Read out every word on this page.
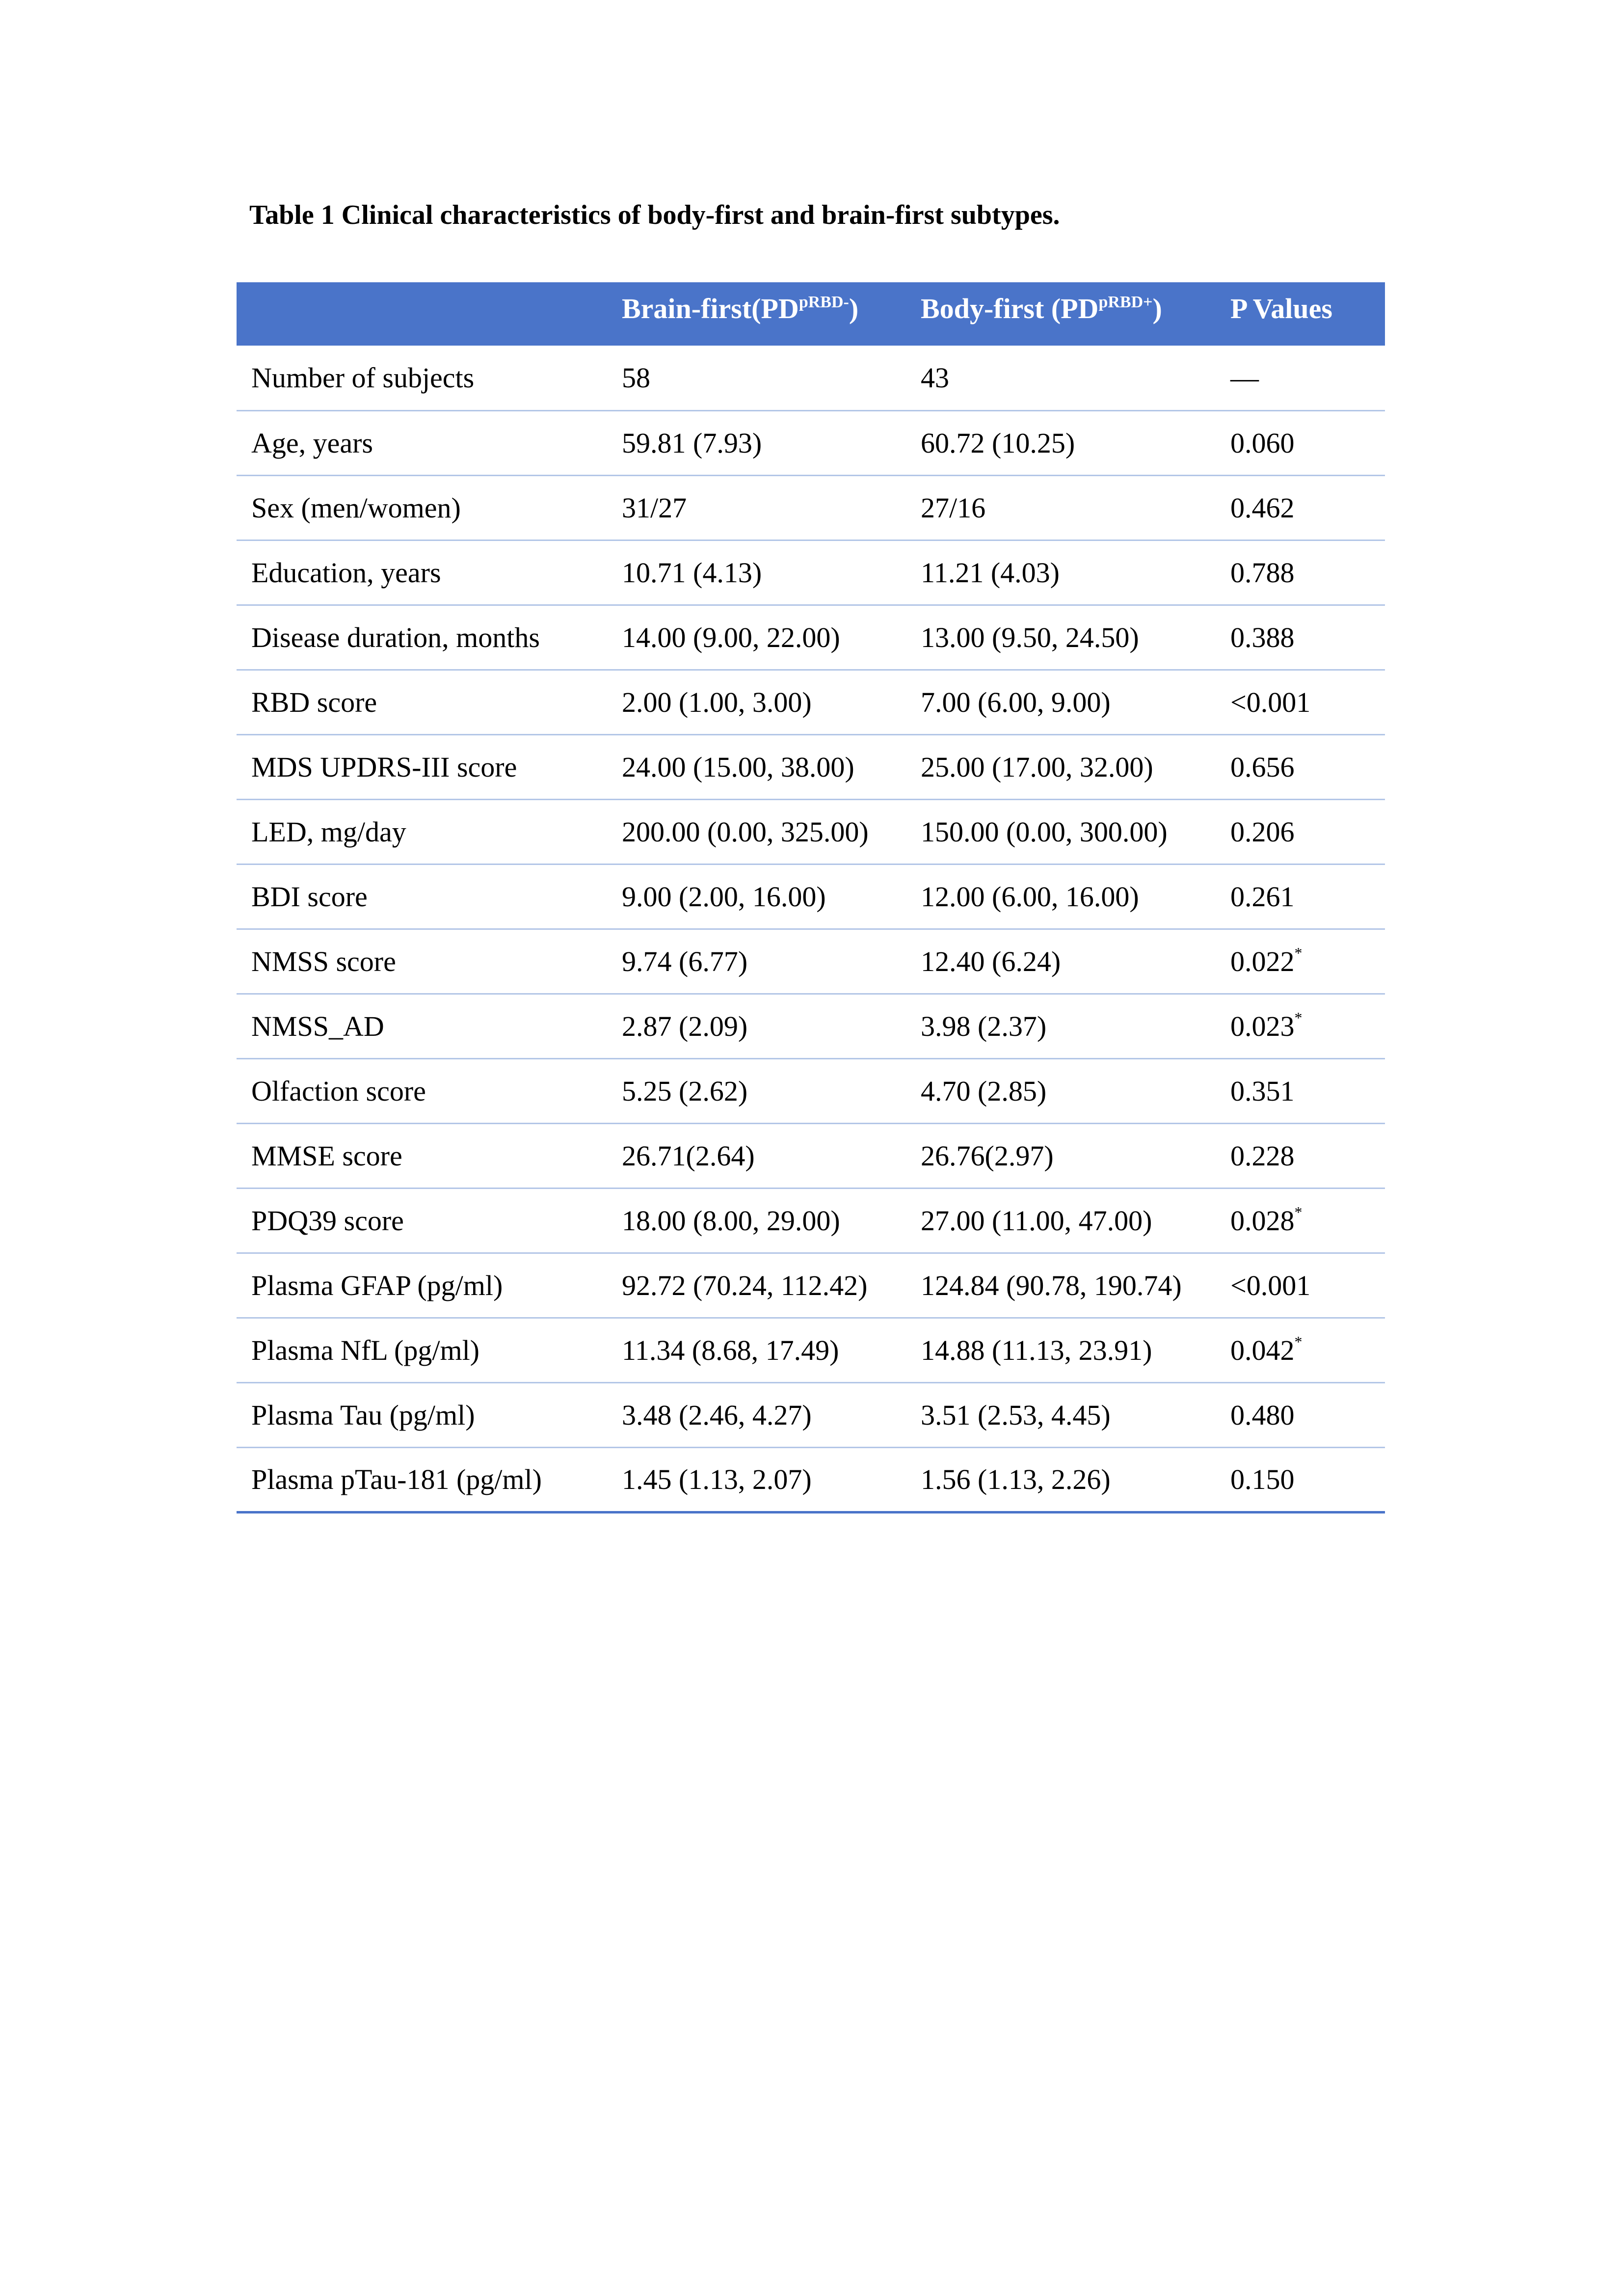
Table 1 Clinical characteristics of body-first and brain-first subtypes.
	Brain-$first(PD^{pRBD-})$	Body-first $(PD^{pRBD+})$	P Values
Number of subjects	58	43	—
Age, years	59.81 (7.93)	60.72 (10.25)	0.060
Sex (men/women)	31/27	27/16	0.462
Education, years	10.71 (4.13)	11.21 (4.03)	0.788
Disease duration, months	14.00 (9.00, 22.00)	13.00 (9.50, 24.50)	0.388
RBD score	2.00 (1.00, 3.00)	7.00 (6.00, 9.00)	<0.001
MDS UPDRS-III score	24.00 (15.00, 38.00)	25.00 (17.00, 32.00)	0.656
LED, mg/day	200.00 (0.00, 325.00)	150.00 (0.00, 300.00)	0.206
BDI score	9.00 (2.00, 16.00)	12.00 (6.00, 16.00)	0.261
NMSS score	9.74 (6.77)	12.40 (6.24)	0.022*
NMSS_AD	2.87 (2.09)	3.98 (2.37)	0.023*
Olfaction score	5.25 (2.62)	4.70 (2.85)	0.351
MMSE score	26.71(2.64)	26.76(2.97)	0.228
PDQ39 score	18.00 (8.00, 29.00)	27.00 (11.00, 47.00)	0.028*
Plasma GFAP (pg/ml)	92.72 (70.24, 112.42)	124.84 (90.78, 190.74)	<0.001
Plasma NfL (pg/ml)	11.34 (8.68, 17.49)	14.88 (11.13, 23.91)	0.042*
Plasma Tau (pg/ml)	3.48 (2.46, 4.27)	3.51 (2.53, 4.45)	0.480
Plasma pTau-181 (pg/ml)	1.45 (1.13, 2.07)	1.56 (1.13, 2.26)	0.150
